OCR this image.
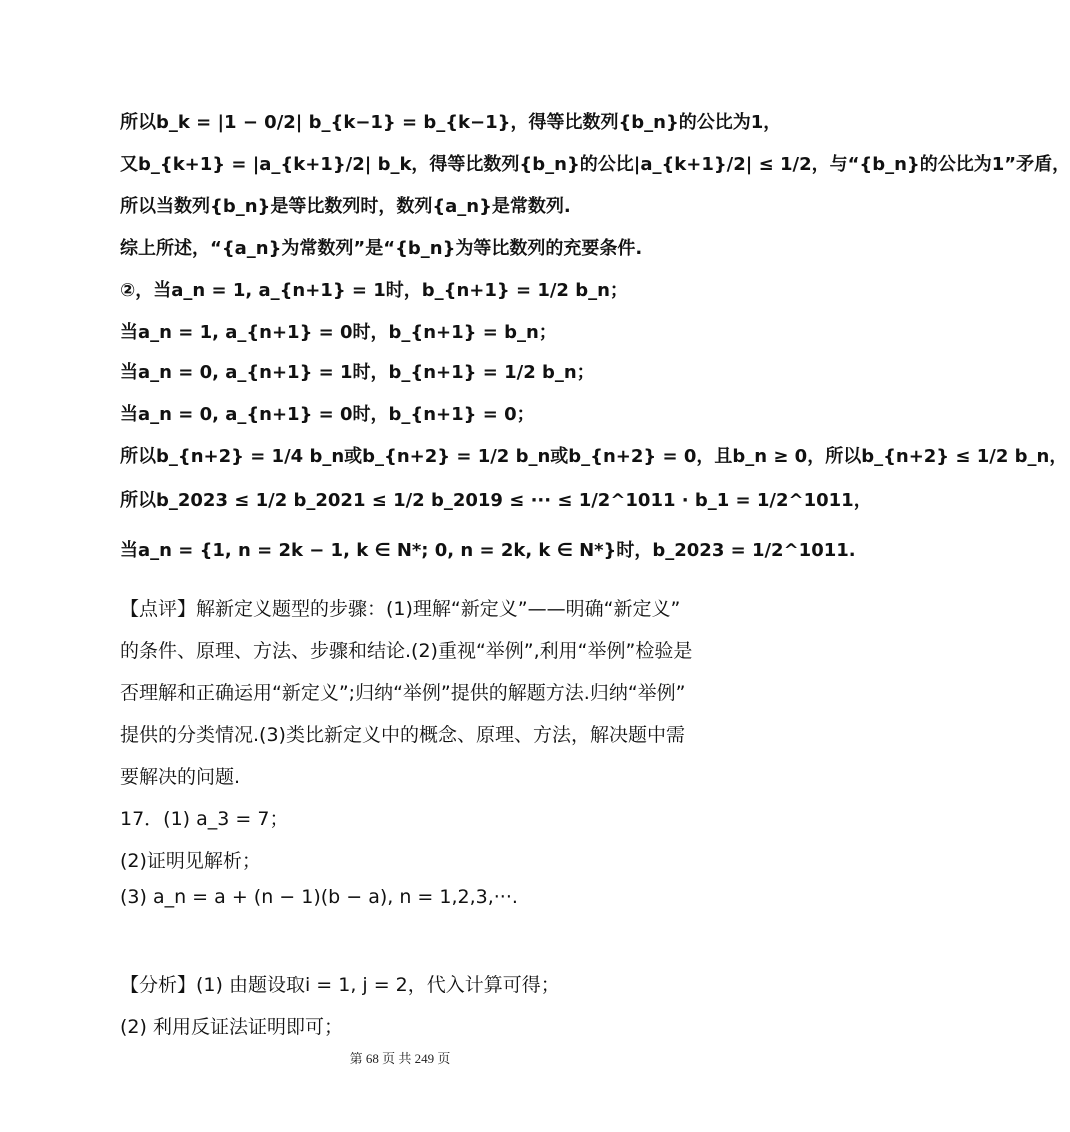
所以b_k = |1 − 0/2| b_{k−1} = b_{k−1}，得等比数列{b_n}的公比为1，
又b_{k+1} = |a_{k+1}/2| b_k，得等比数列{b_n}的公比|a_{k+1}/2| ≤ 1/2，与“{b_n}的公比为1”矛盾，
所以当数列{b_n}是等比数列时，数列{a_n}是常数列.
综上所述，“{a_n}为常数列”是“{b_n}为等比数列的充要条件.
②，当a_n = 1, a_{n+1} = 1时，b_{n+1} = 1/2 b_n；
当a_n = 1, a_{n+1} = 0时，b_{n+1} = b_n；
当a_n = 0, a_{n+1} = 1时，b_{n+1} = 1/2 b_n；
当a_n = 0, a_{n+1} = 0时，b_{n+1} = 0；
所以b_{n+2} = 1/4 b_n或b_{n+2} = 1/2 b_n或b_{n+2} = 0，且b_n ≥ 0，所以b_{n+2} ≤ 1/2 b_n，
所以b_2023 ≤ 1/2 b_2021 ≤ 1/2 b_2019 ≤ ··· ≤ 1/2^1011 · b_1 = 1/2^1011，
当a_n = {1, n = 2k − 1, k ∈ N*; 0, n = 2k, k ∈ N*}时，b_2023 = 1/2^1011.
【点评】解新定义题型的步骤：(1)理解“新定义”——明确“新定义”
的条件、原理、方法、步骤和结论.(2)重视“举例”,利用“举例”检验是
否理解和正确运用“新定义”;归纳“举例”提供的解题方法.归纳“举例”
提供的分类情况.(3)类比新定义中的概念、原理、方法，解决题中需
要解决的问题.
17．(1) a_3 = 7；
(2)证明见解析；
(3) a_n = a + (n − 1)(b − a), n = 1,2,3,···.
【分析】(1) 由题设取i = 1, j = 2，代入计算可得；
(2) 利用反证法证明即可；
第 68 页 共 249 页
